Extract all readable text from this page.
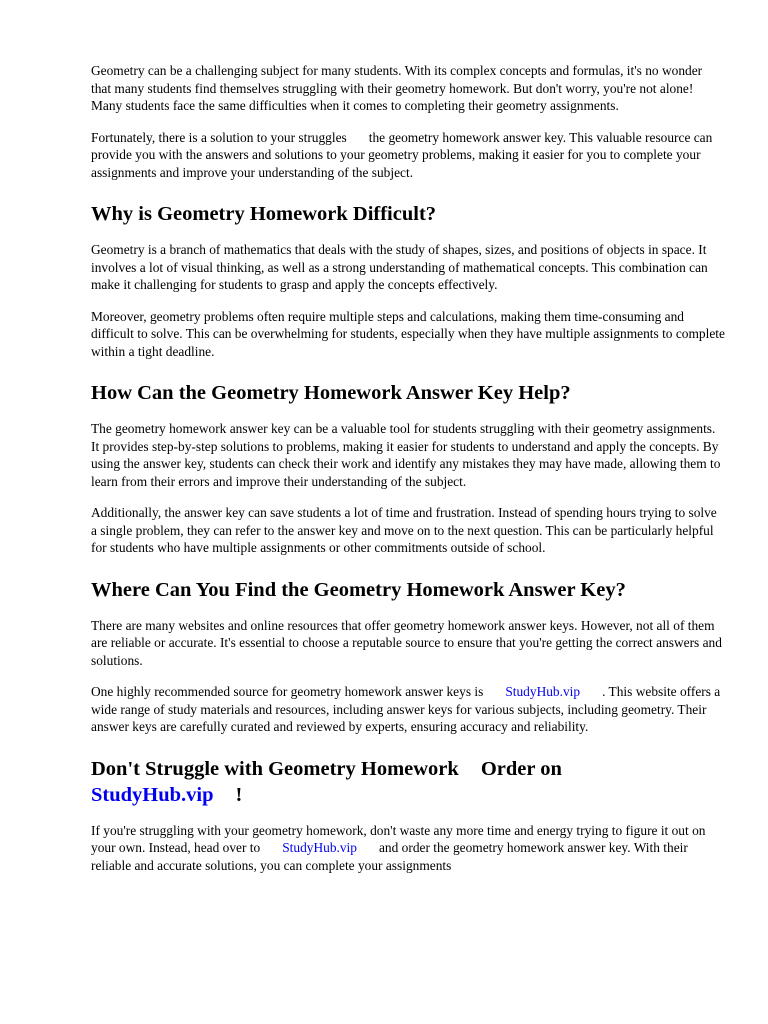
Geometry can be a challenging subject for many students. With its complex concepts and formulas, it's no wonder that many students find themselves struggling with their geometry homework. But don't worry, you're not alone! Many students face the same difficulties when it comes to completing their geometry assignments.

Fortunately, there is a solution to your struggles the geometry homework answer key. This valuable resource can provide you with the answers and solutions to your geometry problems, making it easier for you to complete your assignments and improve your understanding of the subject.

Why is Geometry Homework Difficult?

Geometry is a branch of mathematics that deals with the study of shapes, sizes, and positions of objects in space. It involves a lot of visual thinking, as well as a strong understanding of mathematical concepts. This combination can make it challenging for students to grasp and apply the concepts effectively.

Moreover, geometry problems often require multiple steps and calculations, making them time-consuming and difficult to solve. This can be overwhelming for students, especially when they have multiple assignments to complete within a tight deadline.

How Can the Geometry Homework Answer Key Help?

The geometry homework answer key can be a valuable tool for students struggling with their geometry assignments. It provides step-by-step solutions to problems, making it easier for students to understand and apply the concepts. By using the answer key, students can check their work and identify any mistakes they may have made, allowing them to learn from their errors and improve their understanding of the subject.

Additionally, the answer key can save students a lot of time and frustration. Instead of spending hours trying to solve a single problem, they can refer to the answer key and move on to the next question. This can be particularly helpful for students who have multiple assignments or other commitments outside of school.

Where Can You Find the Geometry Homework Answer Key?

There are many websites and online resources that offer geometry homework answer keys. However, not all of them are reliable or accurate. It's essential to choose a reputable source to ensure that you're getting the correct answers and solutions.

One highly recommended source for geometry homework answer keys is StudyHub.vip . This website offers a wide range of study materials and resources, including answer keys for various subjects, including geometry. Their answer keys are carefully curated and reviewed by experts, ensuring accuracy and reliability.

Don't Struggle with Geometry Homework Order on
StudyHub.vip !

If you're struggling with your geometry homework, don't waste any more time and energy trying to figure it out on your own. Instead, head over to StudyHub.vip and order the geometry homework answer key. With their reliable and accurate solutions, you can complete your assignments
